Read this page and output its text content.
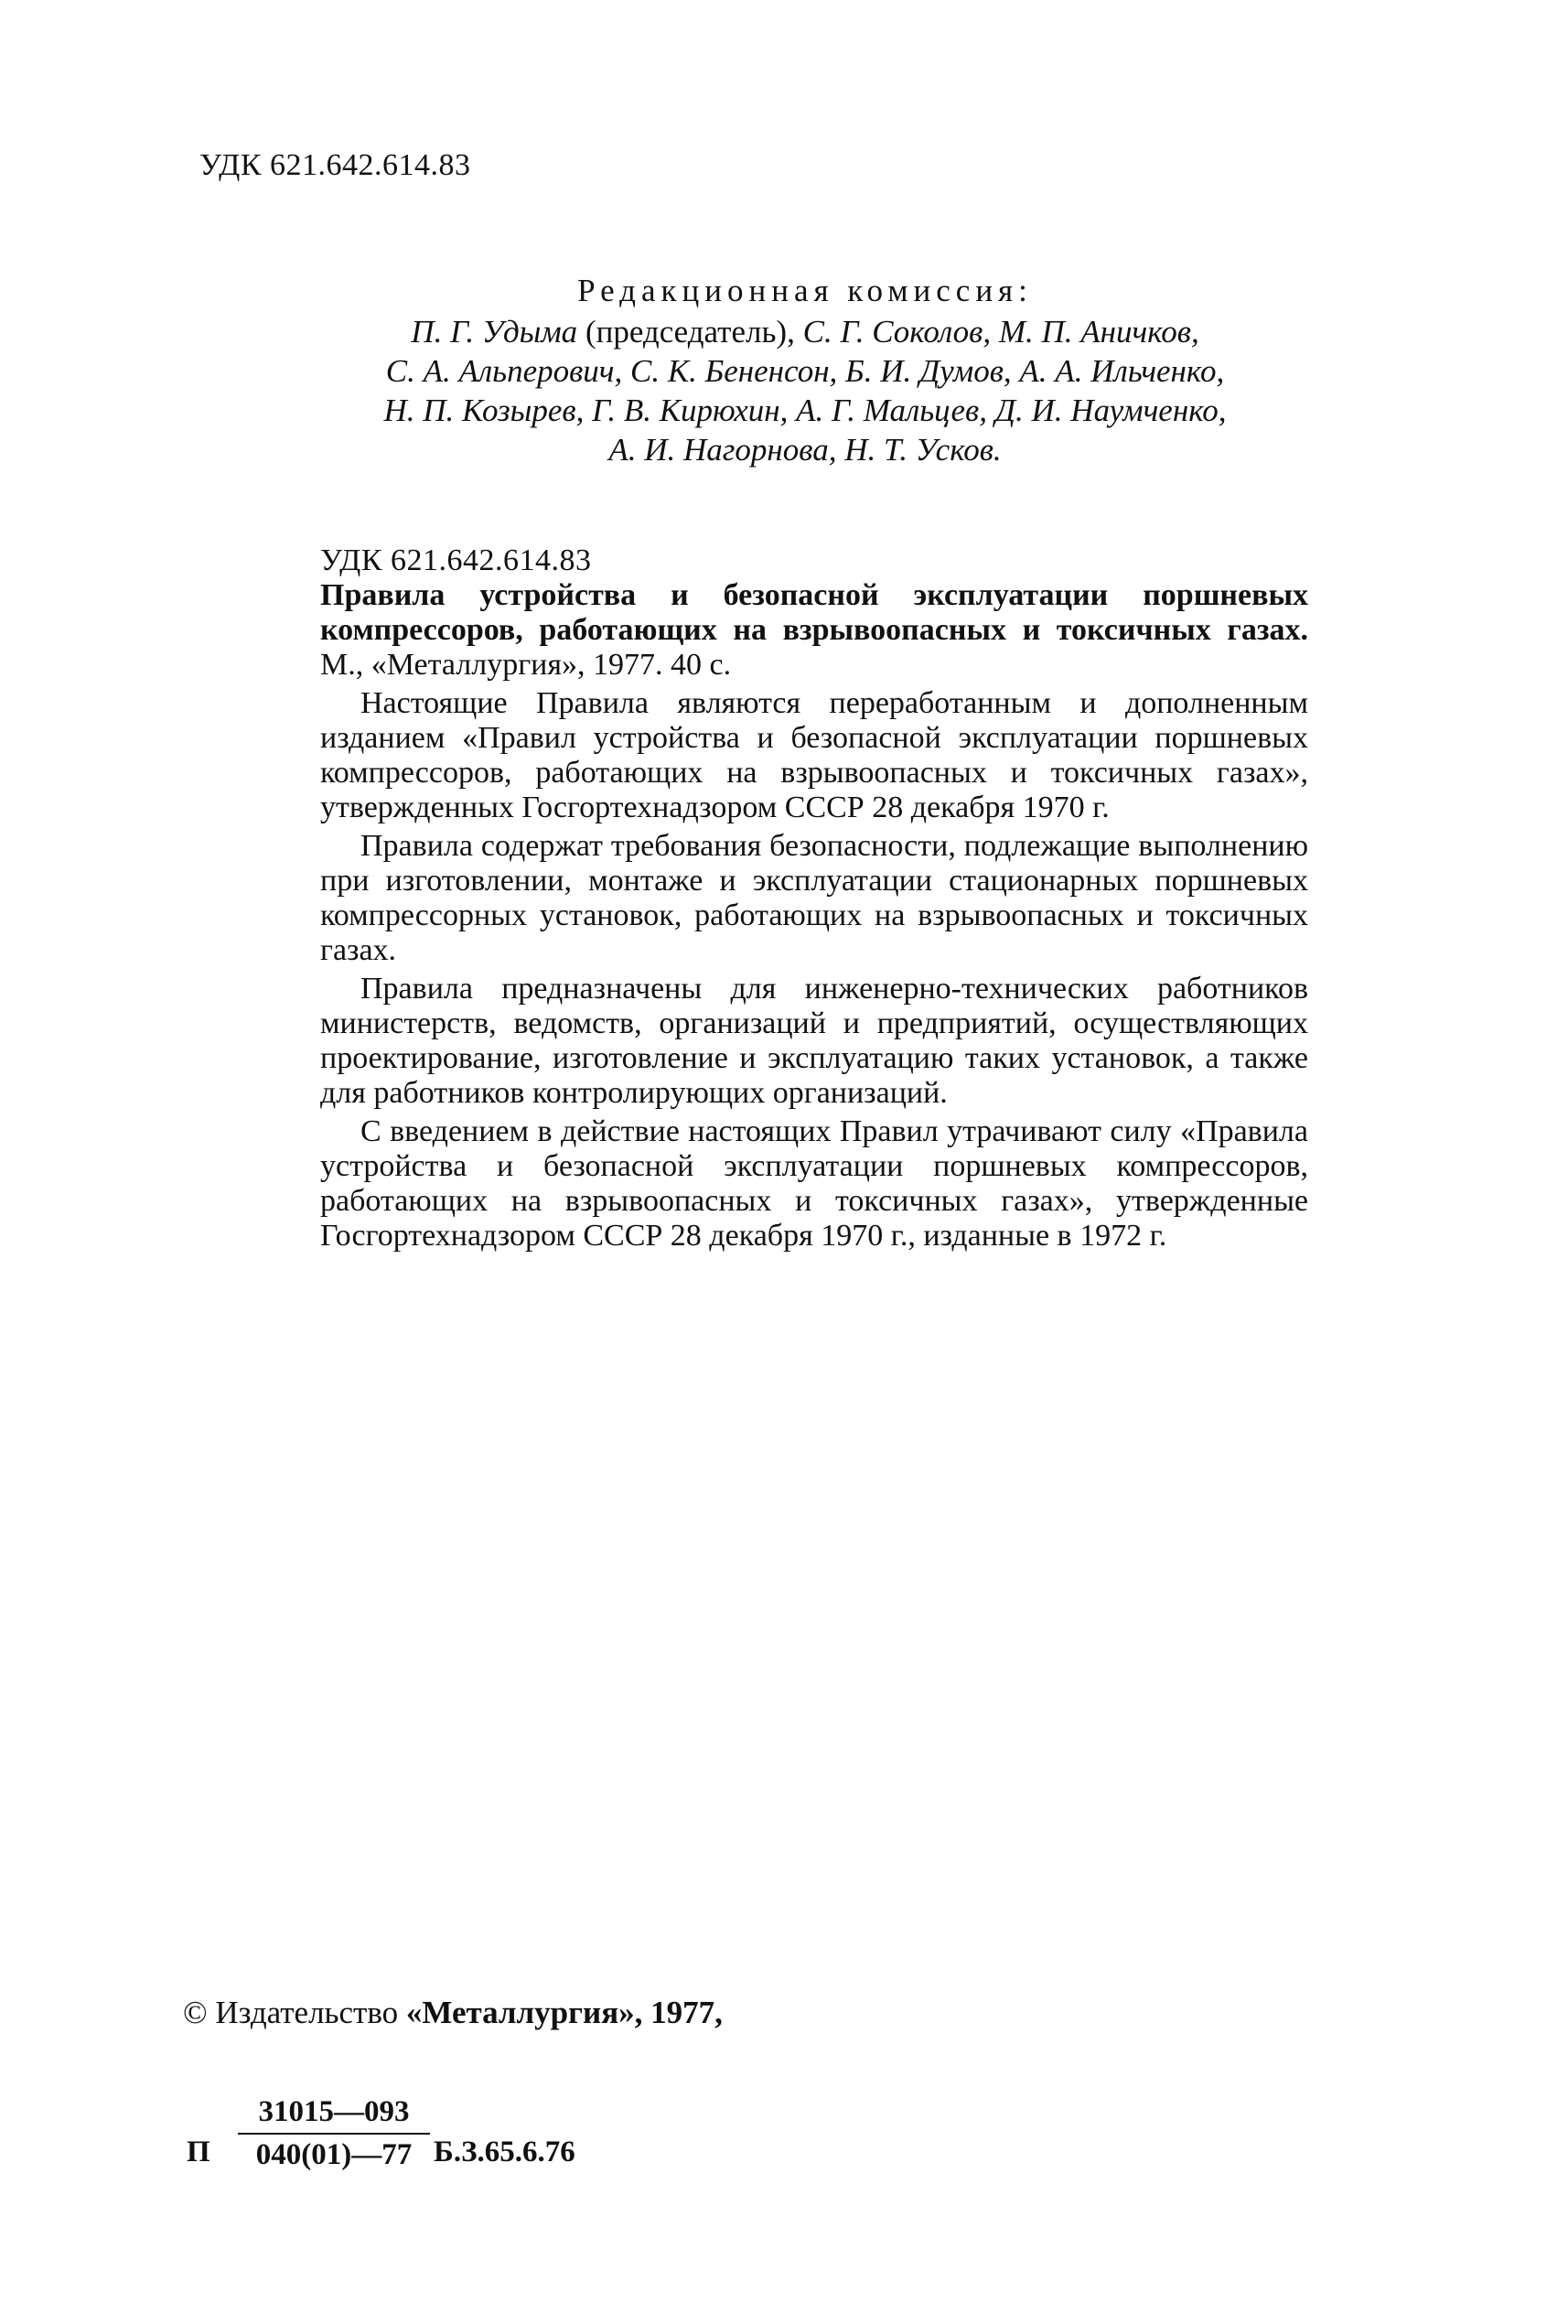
УДК 621.642.614.83
Редакционная комиссия:
П. Г. Удыма (председатель), С. Г. Соколов, М. П. Аничков,
С. А. Альперович, С. К. Бененсон, Б. И. Думов, А. А. Ильченко,
Н. П. Козырев, Г. В. Кирюхин, А. Г. Мальцев, Д. И. Наумченко,
А. И. Нагорнова, Н. Т. Усков.
УДК 621.642.614.83
Правила устройства и безопасной эксплуатации поршневых компрессоров, работающих на взрывоопасных и токсичных газах. М., «Металлургия», 1977. 40 с.

Настоящие Правила являются переработанным и дополненным изданием «Правил устройства и безопасной эксплуатации поршневых компрессоров, работающих на взрывоопасных и токсичных газах», утвержденных Госгортехнадзором СССР 28 декабря 1970 г.

Правила содержат требования безопасности, подлежащие выполнению при изготовлении, монтаже и эксплуатации стационарных поршневых компрессорных установок, работающих на взрывоопасных и токсичных газах.

Правила предназначены для инженерно-технических работников министерств, ведомств, организаций и предприятий, осуществляющих проектирование, изготовление и эксплуатацию таких установок, а также для работников контролирующих организаций.

С введением в действие настоящих Правил утрачивают силу «Правила устройства и безопасной эксплуатации поршневых компрессоров, работающих на взрывоопасных и токсичных газах», утвержденные Госгортехнадзором СССР 28 декабря 1970 г., изданные в 1972 г.

© Издательство «Металлургия», 1977,
П
31015—093
040(01)—77 Б.З.65.6.76
